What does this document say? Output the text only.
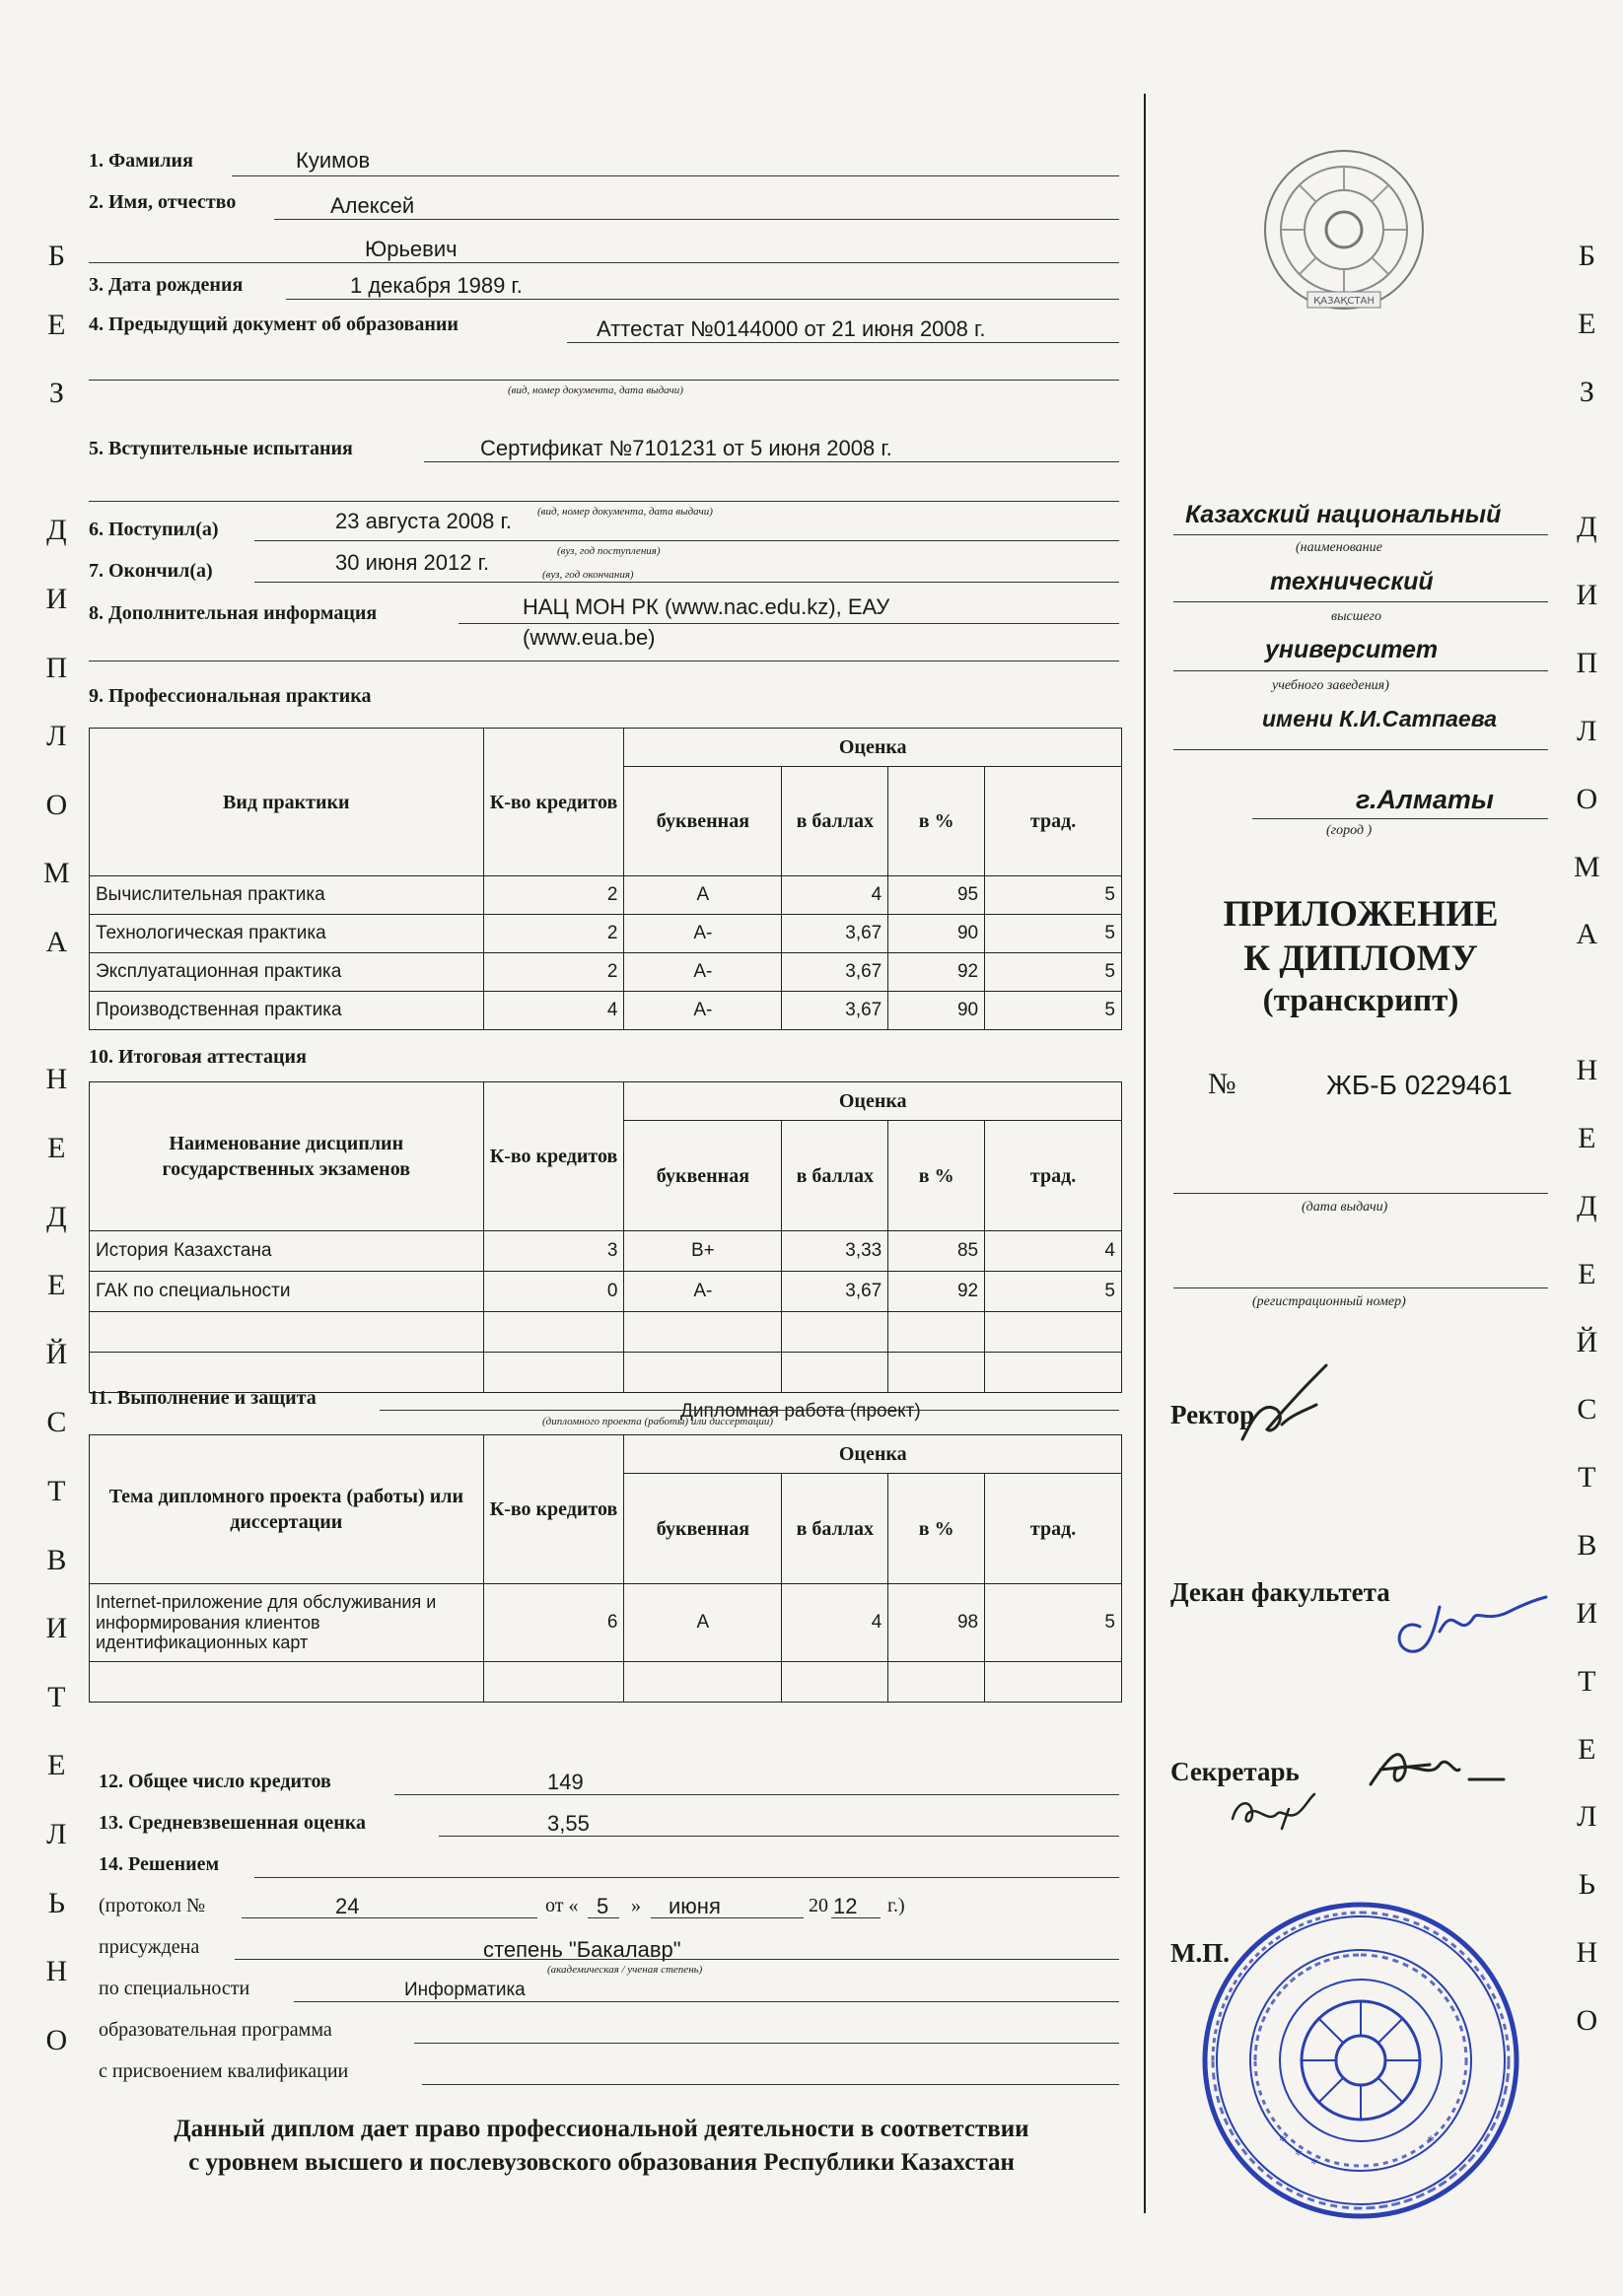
Б
Е
З

Д
И
П
Л
О
М
А

Н
Е
Д
Е
Й
С
Т
В
И
Т
Е
Л
Ь
Н
О
Б
Е
З

Д
И
П
Л
О
М
А

Н
Е
Д
Е
Й
С
Т
В
И
Т
Е
Л
Ь
Н
О
1. Фамилия	Куимов
2. Имя, отчество	Алексей
Юрьевич
3. Дата рождения	1 декабря 1989 г.
4. Предыдущий документ об образовании	Аттестат №0144000 от 21 июня 2008 г.
(вид, номер документа, дата выдачи)
5. Вступительные испытания	Сертификат №7101231 от 5 июня 2008 г.
(вид, номер документа, дата выдачи)
6. Поступил(а)	23 августа 2008 г.
(вуз, год поступления)
7. Окончил(а)	30 июня 2012 г.	(вуз, год окончания)
8. Дополнительная информация	НАЦ МОН РК (www.nac.edu.kz), ЕАУ
(www.eua.be)
9. Профессиональная практика
Вид практики	К-во кредитов	Оценка			
		буквенная	в баллах	в %	трад.

Вычислительная практика	2	A	4	95	5
Технологическая практика	2	A-	3,67	90	5
Эксплуатационная практика	2	A-	3,67	92	5
Производственная практика	4	A-	3,67	90	5
10. Итоговая аттестация
Наименование дисциплин государственных экзаменов	К-во кредитов	Оценка			
		буквенная	в баллах	в %	трад.
История Казахстана	3	B+	3,33	85	4
ГАК по специальности	0	A-	3,67	92	5

11. Выполнение и защита
Дипломная работа (проект)
(дипломного проекта (работы) или диссертации)
Тема дипломного проекта (работы) или диссертации	К-во кредитов	Оценка			
		буквенная	в баллах	в %	трад.
Internet-приложение для обслуживания и информирования клиентов идентификационных карт	6	A	4	98	5

12. Общее число кредитов	149
13. Средневзвешенная оценка	3,55
14. Решением
(протокол №	24	от « 5 » июня	20 12 г.)
присуждена	степень "Бакалавр"
(академическая / ученая степень)
по специальности	Информатика
образовательная программа
с присвоением квалификации
Данный диплом дает право профессиональной деятельности в соответствии
с уровнем высшего и послевузовского образования Республики Казахстан
ҚАЗАҚСТАН
Казахский национальный
(наименование
технический
высшего
университет
учебного заведения)
имени К.И.Сатпаева
г.Алматы
(город )
ПРИЛОЖЕНИЕ
К ДИПЛОМУ
(транскрипт)
№	ЖБ-Б 0229461
(дата выдачи)
(регистрационный номер)
Ректор
Декан факультета
Секретарь
М.П.
*
*
*
*
